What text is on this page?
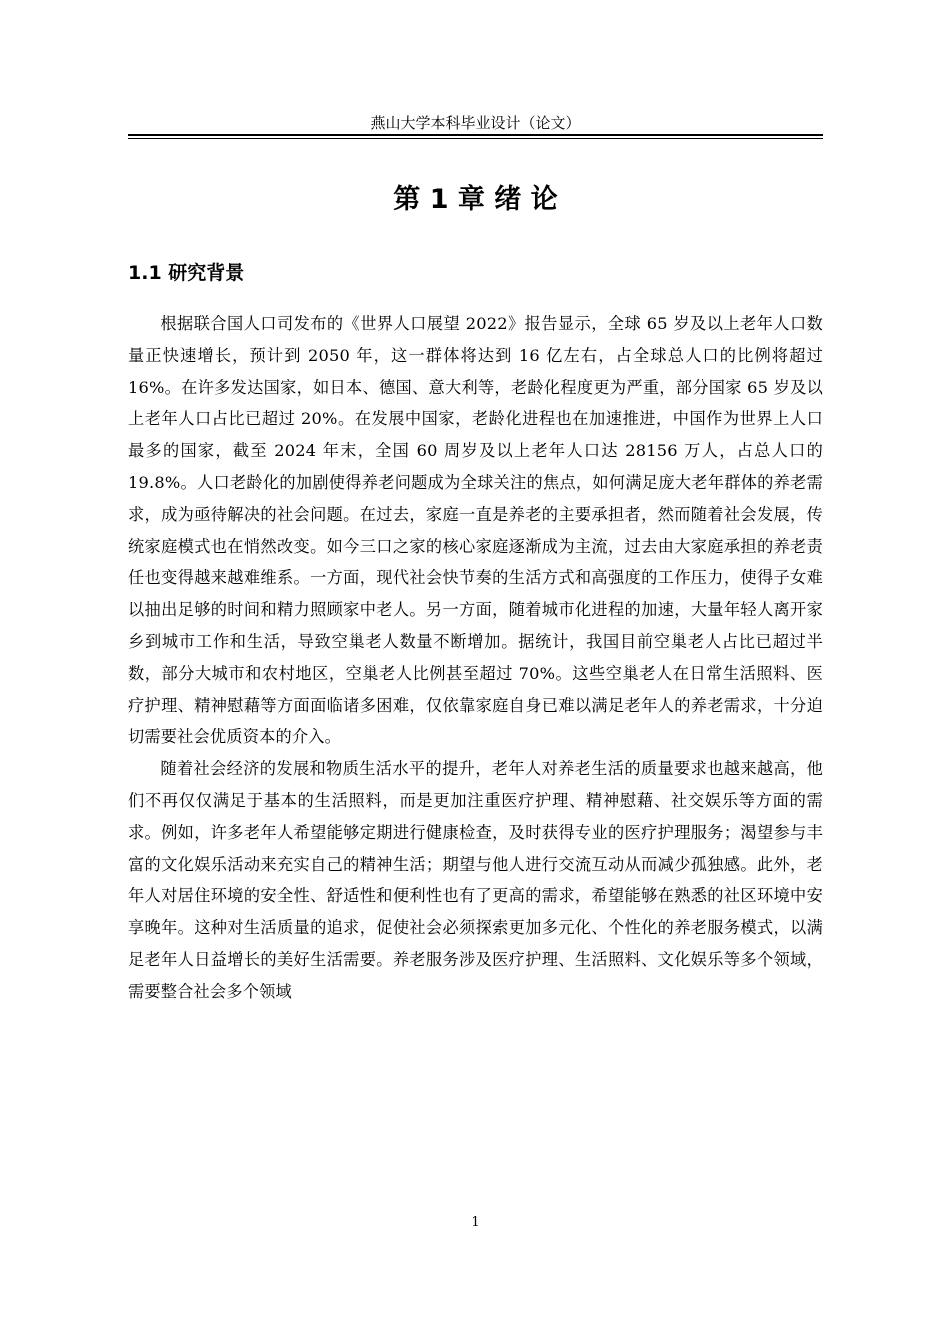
燕山大学本科毕业设计（论文）
第 1 章 绪 论
1.1 研究背景

根据联合国人口司发布的《世界人口展望 2022》报告显示，全球 65 岁及以上老年人口数量正快速增长，预计到 2050 年，这一群体将达到 16 亿左右，占全球总人口的比例将超过 16%。在许多发达国家，如日本、德国、意大利等，老龄化程度更为严重，部分国家 65 岁及以上老年人口占比已超过 20%。在发展中国家，老龄化进程也在加速推进，中国作为世界上人口最多的国家，截至 2024 年末，全国 60 周岁及以上老年人口达 28156 万人，占总人口的 19.8%。人口老龄化的加剧使得养老问题成为全球关注的焦点，如何满足庞大老年群体的养老需求，成为亟待解决的社会问题。在过去，家庭一直是养老的主要承担者，然而随着社会发展，传统家庭模式也在悄然改变。如今三口之家的核心家庭逐渐成为主流，过去由大家庭承担的养老责任也变得越来越难维系。一方面，现代社会快节奏的生活方式和高强度的工作压力，使得子女难以抽出足够的时间和精力照顾家中老人。另一方面，随着城市化进程的加速，大量年轻人离开家乡到城市工作和生活，导致空巢老人数量不断增加。据统计，我国目前空巢老人占比已超过半数，部分大城市和农村地区，空巢老人比例甚至超过 70%。这些空巢老人在日常生活照料、医疗护理、精神慰藉等方面面临诸多困难，仅依靠家庭自身已难以满足老年人的养老需求，十分迫切需要社会优质资本的介入。

随着社会经济的发展和物质生活水平的提升，老年人对养老生活的质量要求也越来越高，他们不再仅仅满足于基本的生活照料，而是更加注重医疗护理、精神慰藉、社交娱乐等方面的需求。例如，许多老年人希望能够定期进行健康检查，及时获得专业的医疗护理服务；渴望参与丰富的文化娱乐活动来充实自己的精神生活；期望与他人进行交流互动从而减少孤独感。此外，老年人对居住环境的安全性、舒适性和便利性也有了更高的需求，希望能够在熟悉的社区环境中安享晚年。这种对生活质量的追求，促使社会必须探索更加多元化、个性化的养老服务模式，以满足老年人日益增长的美好生活需要。养老服务涉及医疗护理、生活照料、文化娱乐等多个领域，需要整合社会多个领域

1
